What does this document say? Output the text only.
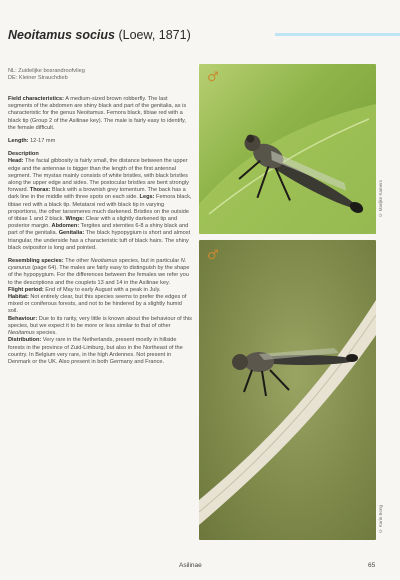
Neoitamus socius (Loew, 1871)
NL: Zuidelijke bosrandroofvlieg
DE: Kleiner Strauchdieb

Field characteristics: A medium-sized brown robberfly. The last segments of the abdomen are shiny black and part of the genitalia, as is characteristic for the genus Neoitamus. Femora black, tibiae red with a black tip (Group 2 of the Asilinae key). The male is fairly easy to identify, the female difficult.

Length: 12-17 mm

Description
Head: The facial gibbosity is fairly small, the distance between the upper edge and the antennae is bigger than the length of the first antennal segment. The mystax mainly consists of white bristles, with black bristles along the upper edge and sides. The postocular bristles are bent strongly forward. Thorax: Black with a brownish grey tomentum. The back has a dark line in the middle with three spots on each side. Legs: Femora black, tibiae red with a black tip. Metatarsi red with black tip in varying proportions, the other tarsomeres much darkened. Bristles on the outside of tibiae 1 and 2 black. Wings: Clear with a slightly darkened tip and posterior margin. Abdomen: Tergites and sternites 6-8 a shiny black and part of the genitalia. Genitalia: The black hypopygium is short and almost triangular, the underside has a characteristic tuft of black hairs. The shiny black ovipositor is long and pointed.

Resembling species: The other Neoitamus species, but in particular N. cyanurus (page 64). The males are fairly easy to distinguish by the shape of the hypopygium. For the differences between the females we refer you to the descriptions and the couplets 13 and 14 in the Asilinae key.
Flight period: End of May to early August with a peak in July.
Habitat: Not entirely clear, but this species seems to prefer the edges of mixed or coniferous forests, and not to be hindered by a slightly humid soil.
Behaviour: Due to its rarity, very little is known about the behaviour of this species, but we expect it to be more or less similar to that of other Neoitamus species.
Distribution: Very rare in the Netherlands, present mostly in hillside forests in the province of Zuid-Limburg, but also in the Northeast of the country. In Belgium very rare, in the high Ardennes. Not present in Denmark or the UK. Also present in both Germany and France.

♂
© Marijke Kamers
♂
© Karin Bong
Asilinae	65
